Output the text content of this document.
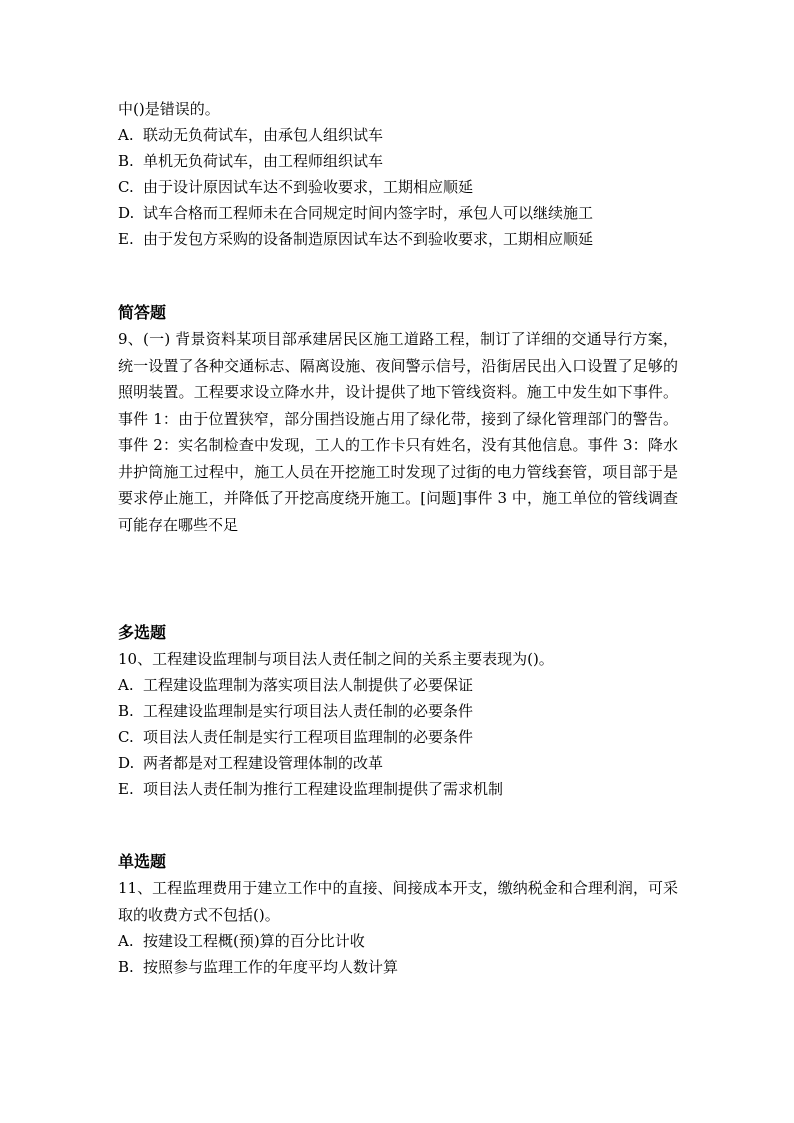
中()是错误的。
A. 联动无负荷试车，由承包人组织试车
B. 单机无负荷试车，由工程师组织试车
C. 由于设计原因试车达不到验收要求，工期相应顺延
D. 试车合格而工程师未在合同规定时间内签字时，承包人可以继续施工
E. 由于发包方采购的设备制造原因试车达不到验收要求，工期相应顺延
简答题
9、(一) 背景资料某项目部承建居民区施工道路工程，制订了详细的交通导行方案，统一设置了各种交通标志、隔离设施、夜间警示信号，沿街居民出入口设置了足够的照明装置。工程要求设立降水井，设计提供了地下管线资料。施工中发生如下事件。事件 1：由于位置狭窄，部分围挡设施占用了绿化带，接到了绿化管理部门的警告。事件 2：实名制检查中发现，工人的工作卡只有姓名，没有其他信息。事件 3：降水井护筒施工过程中，施工人员在开挖施工时发现了过街的电力管线套管，项目部于是要求停止施工，并降低了开挖高度绕开施工。[问题]事件 3 中，施工单位的管线调查可能存在哪些不足
多选题
10、工程建设监理制与项目法人责任制之间的关系主要表现为()。
A. 工程建设监理制为落实项目法人制提供了必要保证
B. 工程建设监理制是实行项目法人责任制的必要条件
C. 项目法人责任制是实行工程项目监理制的必要条件
D. 两者都是对工程建设管理体制的改革
E. 项目法人责任制为推行工程建设监理制提供了需求机制
单选题
11、工程监理费用于建立工作中的直接、间接成本开支，缴纳税金和合理利润，可采取的收费方式不包括()。
A. 按建设工程概(预)算的百分比计收
B. 按照参与监理工作的年度平均人数计算
